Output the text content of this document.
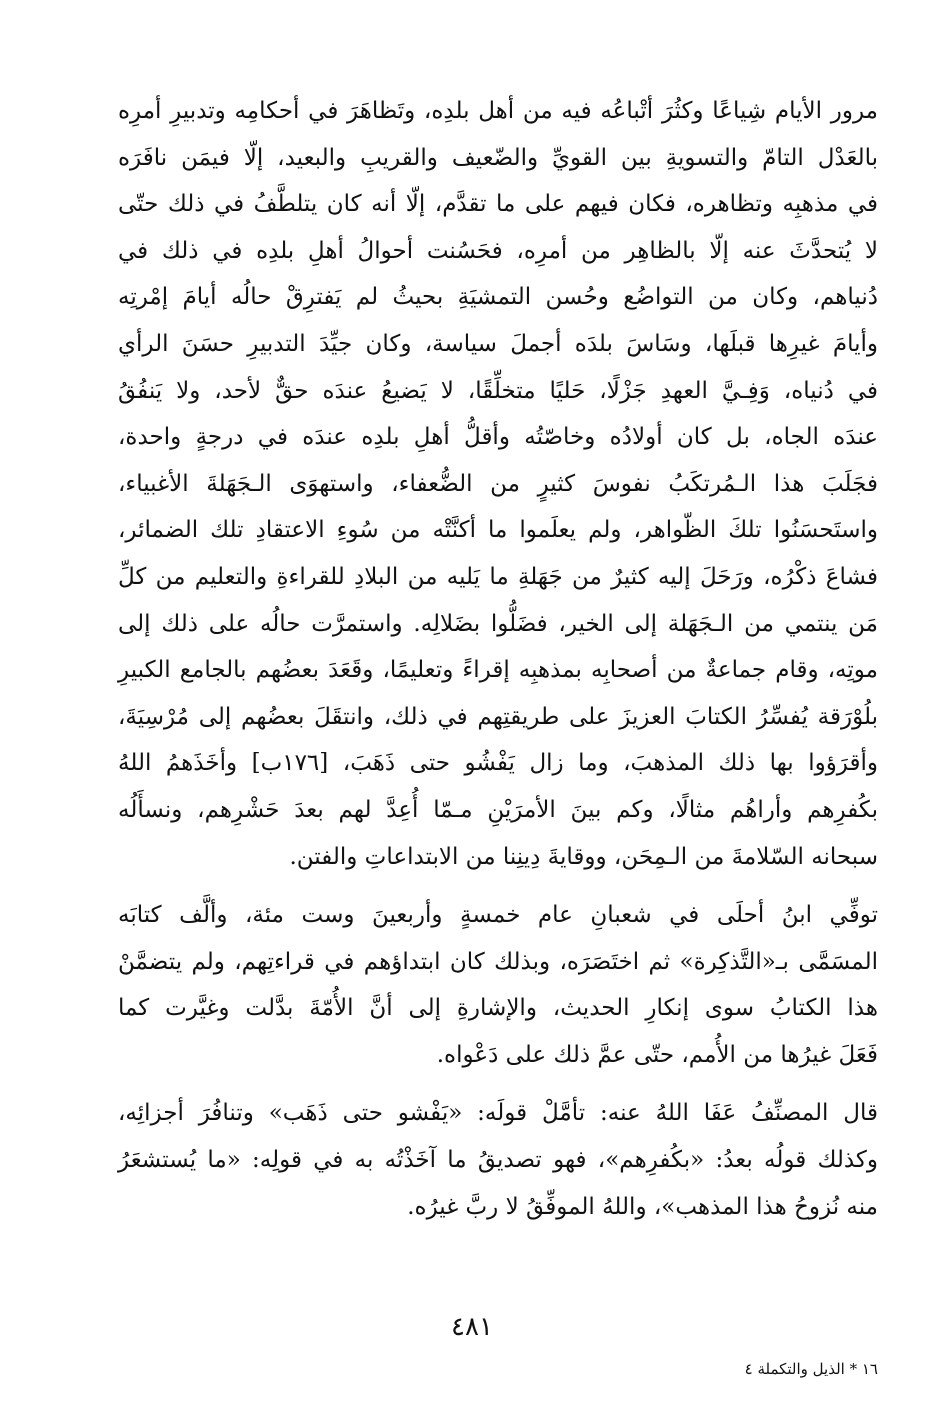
مرور الأيام شِياعًا وكثُرَ أتْباعُه فيه من أهل بلدِه، وتَظاهَرَ في أحكامِه وتدبيرِ أمرِه
بالعَدْل التامّ والتسويةِ بين القويِّ والضّعيف والقريبِ والبعيد، إلّا فيمَن نافَرَه
في مذهبِه وتظاهره، فكان فيهم على ما تقدَّم، إلّا أنه كان يتلطَّفُ في ذلك حتّى
لا يُتحدَّثَ عنه إلّا بالظاهِر من أمرِه، فحَسُنت أحوالُ أهلِ بلدِه في ذلك في
دُنياهم، وكان من التواضُع وحُسن التمشيَةِ بحيثُ لم يَفترِقْ حالُه أيامَ إمْرتِه
وأيامَ غيرِها قبلَها، وسَاسَ بلدَه أجملَ سياسة، وكان جيِّدَ التدبيرِ حسَنَ الرأي
في دُنياه، وَفِـيَّ العهدِ جَزْلًا، حَليًا متخلِّقًا، لا يَضيعُ عندَه حقٌّ لأحد، ولا يَنفُقُ
عندَه الجاه، بل كان أولادُه وخاصّتُه وأقلُّ أهلِ بلدِه عندَه في درجةٍ واحدة،
فجَلَبَ هذا الـمُرتكَبُ نفوسَ كثيرٍ من الضُّعفاء، واستهوَى الـجَهَلةَ الأغبياء،
واستَحسَنُوا تلكَ الظّواهر، ولم يعلَموا ما أكنَّتْه من سُوءِ الاعتقادِ تلك الضمائر،
فشاعَ ذكْرُه، ورَحَلَ إليه كثيرٌ من جَهَلةِ ما يَليه من البلادِ للقراءةِ والتعليم من كلِّ
مَن ينتمي من الـجَهَلة إلى الخير، فضَلُّوا بضَلالِه. واستمرَّت حالُه على ذلك إلى
موتِه، وقام جماعةٌ من أصحابِه بمذهبِه إقراءً وتعليمًا، وقَعَدَ بعضُهم بالجامع الكبيرِ
بلُوْرَقة يُفسِّرُ الكتابَ العزيزَ على طريقتِهم في ذلك، وانتقَلَ بعضُهم إلى مُرْسِيَةَ،
وأقرَؤوا بها ذلك المذهبَ، وما زال يَفْشُو حتى ذَهَبَ، [١٧٦ب] وأخَذَهمُ اللهُ
بكُفرِهم وأراهُم مثالًا، وكم بينَ الأمرَيْنِ مـمّا أُعِدَّ لهم بعدَ حَشْرِهم، ونسأَلُه
سبحانه السّلامةَ من الـمِحَن، ووقايةَ دِينِنا من الابتداعاتِ والفتن.
توفِّي ابنُ أحلَى في شعبانِ عام خمسةٍ وأربعينَ وست مئة، وألَّف كتابَه
المسَمَّى بـ«التَّذكِرة» ثم اختَصَرَه، وبذلك كان ابتداؤهم في قراءتِهم، ولم يتضمَّنْ
هذا الكتابُ سوى إنكارِ الحديث، والإشارةِ إلى أنَّ الأُمّةَ بدَّلت وغيَّرت كما
فَعَلَ غيرُها من الأُمم، حتّى عمَّ ذلك على دَعْواه.
قال المصنِّفُ عَفَا اللهُ عنه: تأمَّلْ قولَه: «يَفْشو حتى ذَهَب» وتنافُرَ أجزائِه،
وكذلك قولُه بعدُ: «بكُفرِهم»، فهو تصديقُ ما آخَذْتُه به في قولِه: «ما يُستشعَرُ
منه نُزوحُ هذا المذهب»، واللهُ الموفِّقُ لا ربَّ غيرُه.
٤٨١
١٦ * الذيل والتكملة ٤
